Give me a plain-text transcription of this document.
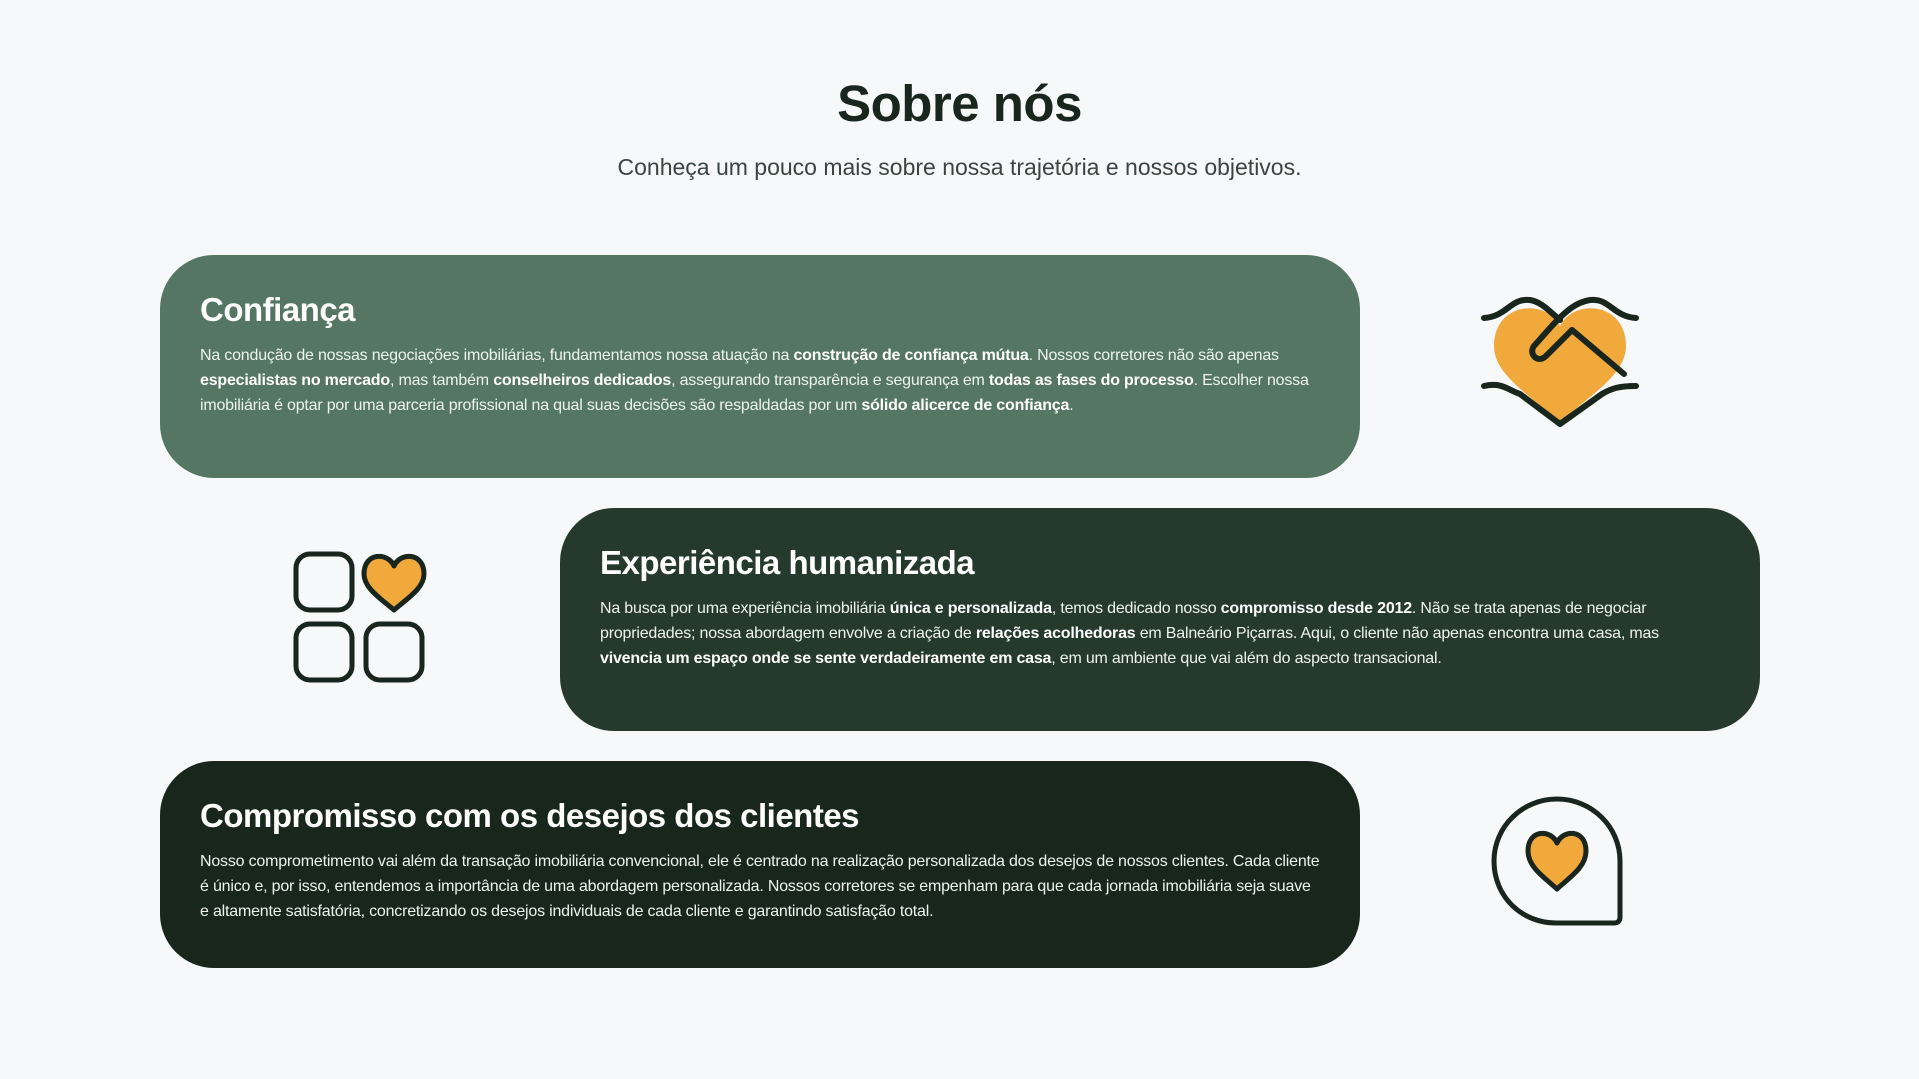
Sobre nós

Conheça um pouco mais sobre nossa trajetória e nossos objetivos.

Confiança

Na condução de nossas negociações imobiliárias, fundamentamos nossa atuação na construção de confiança mútua. Nossos corretores não são apenas especialistas no mercado, mas também conselheiros dedicados, assegurando transparência e segurança em todas as fases do processo. Escolher nossa imobiliária é optar por uma parceria profissional na qual suas decisões são respaldadas por um sólido alicerce de confiança.

Experiência humanizada

Na busca por uma experiência imobiliária única e personalizada, temos dedicado nosso compromisso desde 2012. Não se trata apenas de negociar propriedades; nossa abordagem envolve a criação de relações acolhedoras em Balneário Piçarras. Aqui, o cliente não apenas encontra uma casa, mas vivencia um espaço onde se sente verdadeiramente em casa, em um ambiente que vai além do aspecto transacional.

Compromisso com os desejos dos clientes

Nosso comprometimento vai além da transação imobiliária convencional, ele é centrado na realização personalizada dos desejos de nossos clientes. Cada cliente é único e, por isso, entendemos a importância de uma abordagem personalizada. Nossos corretores se empenham para que cada jornada imobiliária seja suave e altamente satisfatória, concretizando os desejos individuais de cada cliente e garantindo satisfação total.
